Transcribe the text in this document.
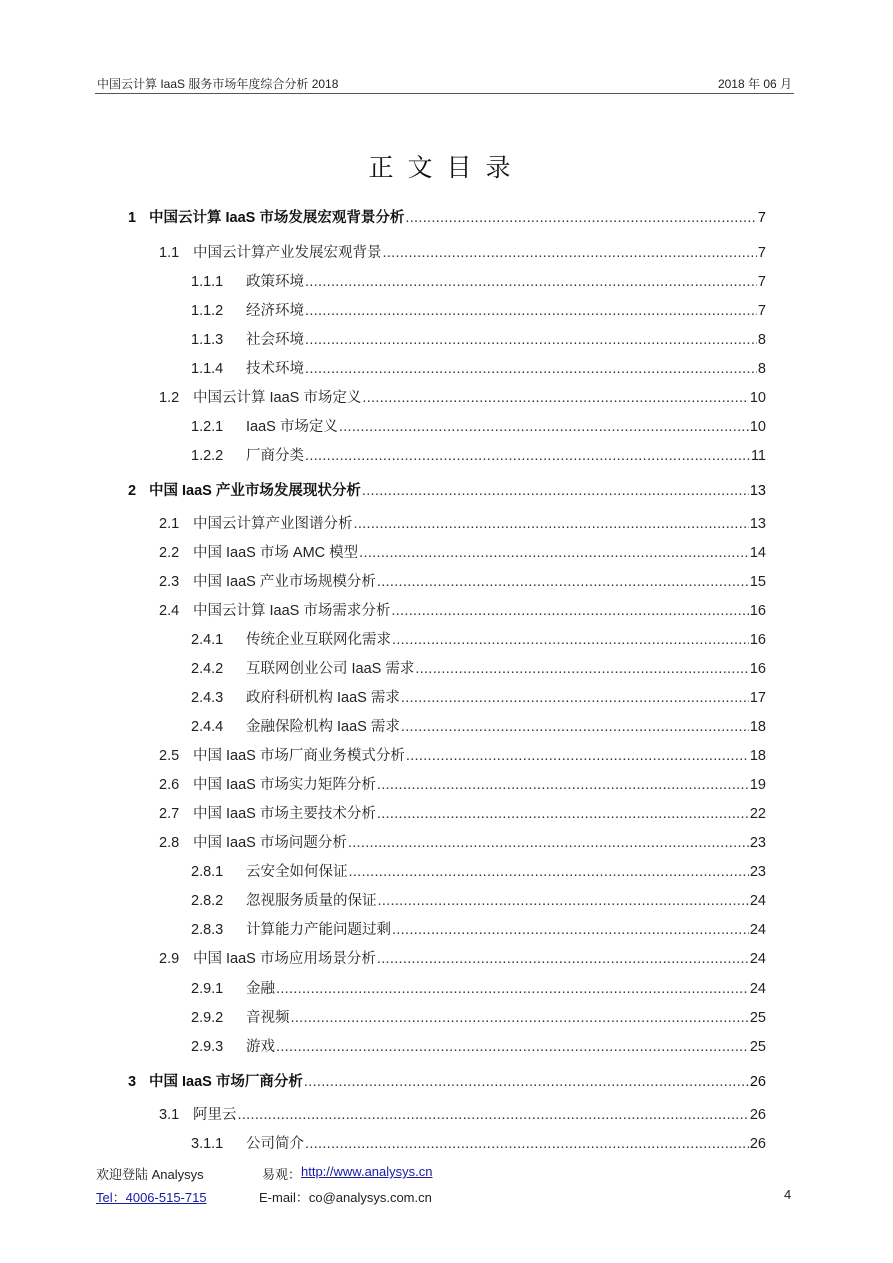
中国云计算 IaaS 服务市场年度综合分析 2018	2018 年 06 月
正文目录
1 中国云计算 IaaS 市场发展宏观背景分析 .....	7
1.1 中国云计算产业发展宏观背景 .....	7
1.1.1	政策环境 .....	7
1.1.2	经济环境 .....	7
1.1.3	社会环境 .....	8
1.1.4	技术环境 .....	8
1.2 中国云计算 IaaS 市场定义 .....	10
1.2.1	IaaS 市场定义 .....	10
1.2.2	厂商分类 .....	11
2 中国 IaaS 产业市场发展现状分析 .....	13
2.1 中国云计算产业图谱分析 .....	13
2.2 中国 IaaS 市场 AMC 模型 .....	14
2.3 中国 IaaS 产业市场规模分析 .....	15
2.4 中国云计算 IaaS 市场需求分析 .....	16
2.4.1	传统企业互联网化需求 .....	16
2.4.2	互联网创业公司 IaaS 需求 .....	16
2.4.3	政府科研机构 IaaS 需求 .....	17
2.4.4	金融保险机构 IaaS 需求 .....	18
2.5 中国 IaaS 市场厂商业务模式分析 .....	18
2.6 中国 IaaS 市场实力矩阵分析 .....	19
2.7 中国 IaaS 市场主要技术分析 .....	22
2.8 中国 IaaS 市场问题分析 .....	23
2.8.1	云安全如何保证 .....	23
2.8.2	忽视服务质量的保证 .....	24
2.8.3	计算能力产能问题过剩 .....	24
2.9 中国 IaaS 市场应用场景分析 .....	24
2.9.1	金融 .....	24
2.9.2	音视频 .....	25
2.9.3	游戏 .....	25
3 中国 IaaS 市场厂商分析 .....	26
3.1 阿里云 .....	26
3.1.1	公司简介 .....	26
欢迎登陆 Analysys	易观： http://www.analysys.cn
Tel：4006-515-715	E-mail：co@analysys.com.cn	4
